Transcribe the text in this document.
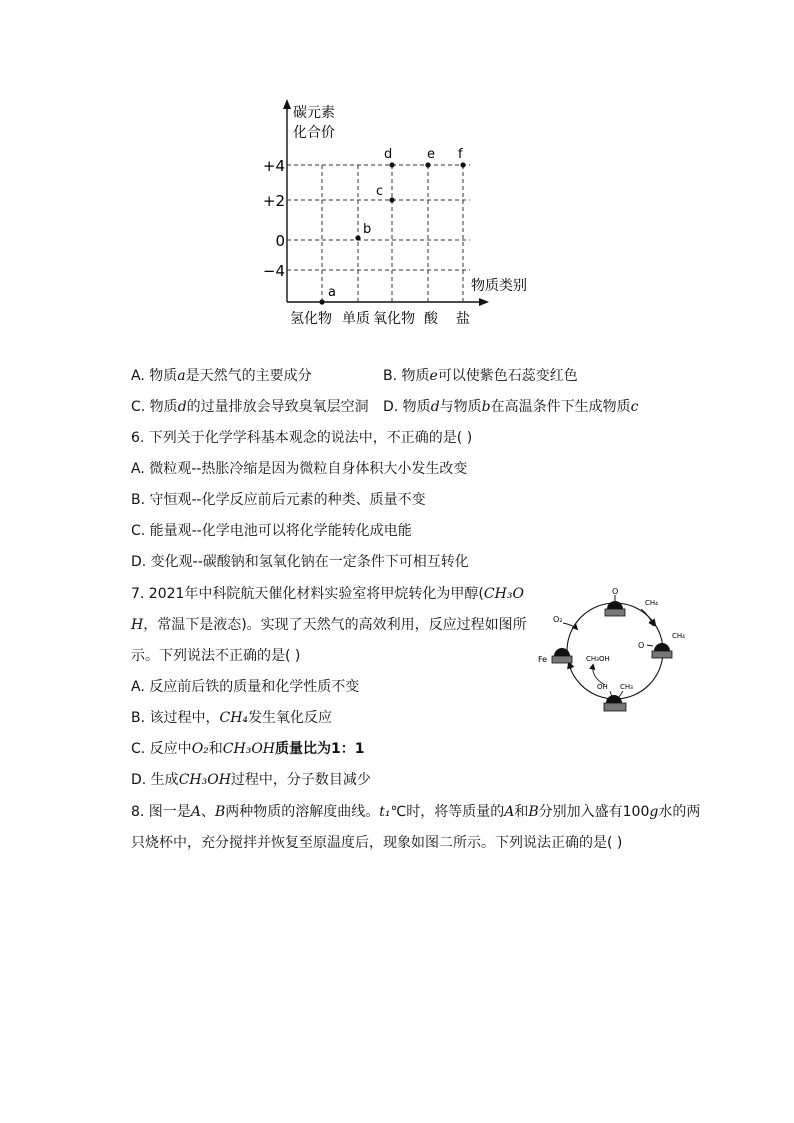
碳元素
化合价
+4
+2
0
−4
物质类别
氢化物 单质 氧化物 酸 盐
a
b
c
d	e f
A. 物质a是天然气的主要成分	B. 物质e可以使紫色石蕊变红色
C. 物质d的过量排放会导致臭氧层空洞 D. 物质d与物质b在高温条件下生成物质c
6. 下列关于化学学科基本观念的说法中，不正确的是( )
A. 微粒观--热胀冷缩是因为微粒自身体积大小发生改变
B. 守恒观--化学反应前后元素的种类、质量不变
C. 能量观--化学电池可以将化学能转化成电能
D. 变化观--碳酸钠和氢氧化钠在一定条件下可相互转化
7. 2021年中科院航天催化材料实验室将甲烷转化为甲醇(CH₃O
H，常温下是液态)。实现了天然气的高效利用，反应过程如图所
示。下列说法不正确的是( )
A. 反应前后铁的质量和化学性质不变
B. 该过程中，CH₄发生氧化反应
C. 反应中O₂和CH₃OH质量比为1：1
D. 生成CH₃OH过程中，分子数目减少
O
CH₄
O₂
O
CH₄
Fe	CH₃OH
OH CH₃
8. 图一是A、B两种物质的溶解度曲线。t₁℃时，将等质量的A和B分别加入盛有100g水的两
只烧杯中，充分搅拌并恢复至原温度后，现象如图二所示。下列说法正确的是( )
